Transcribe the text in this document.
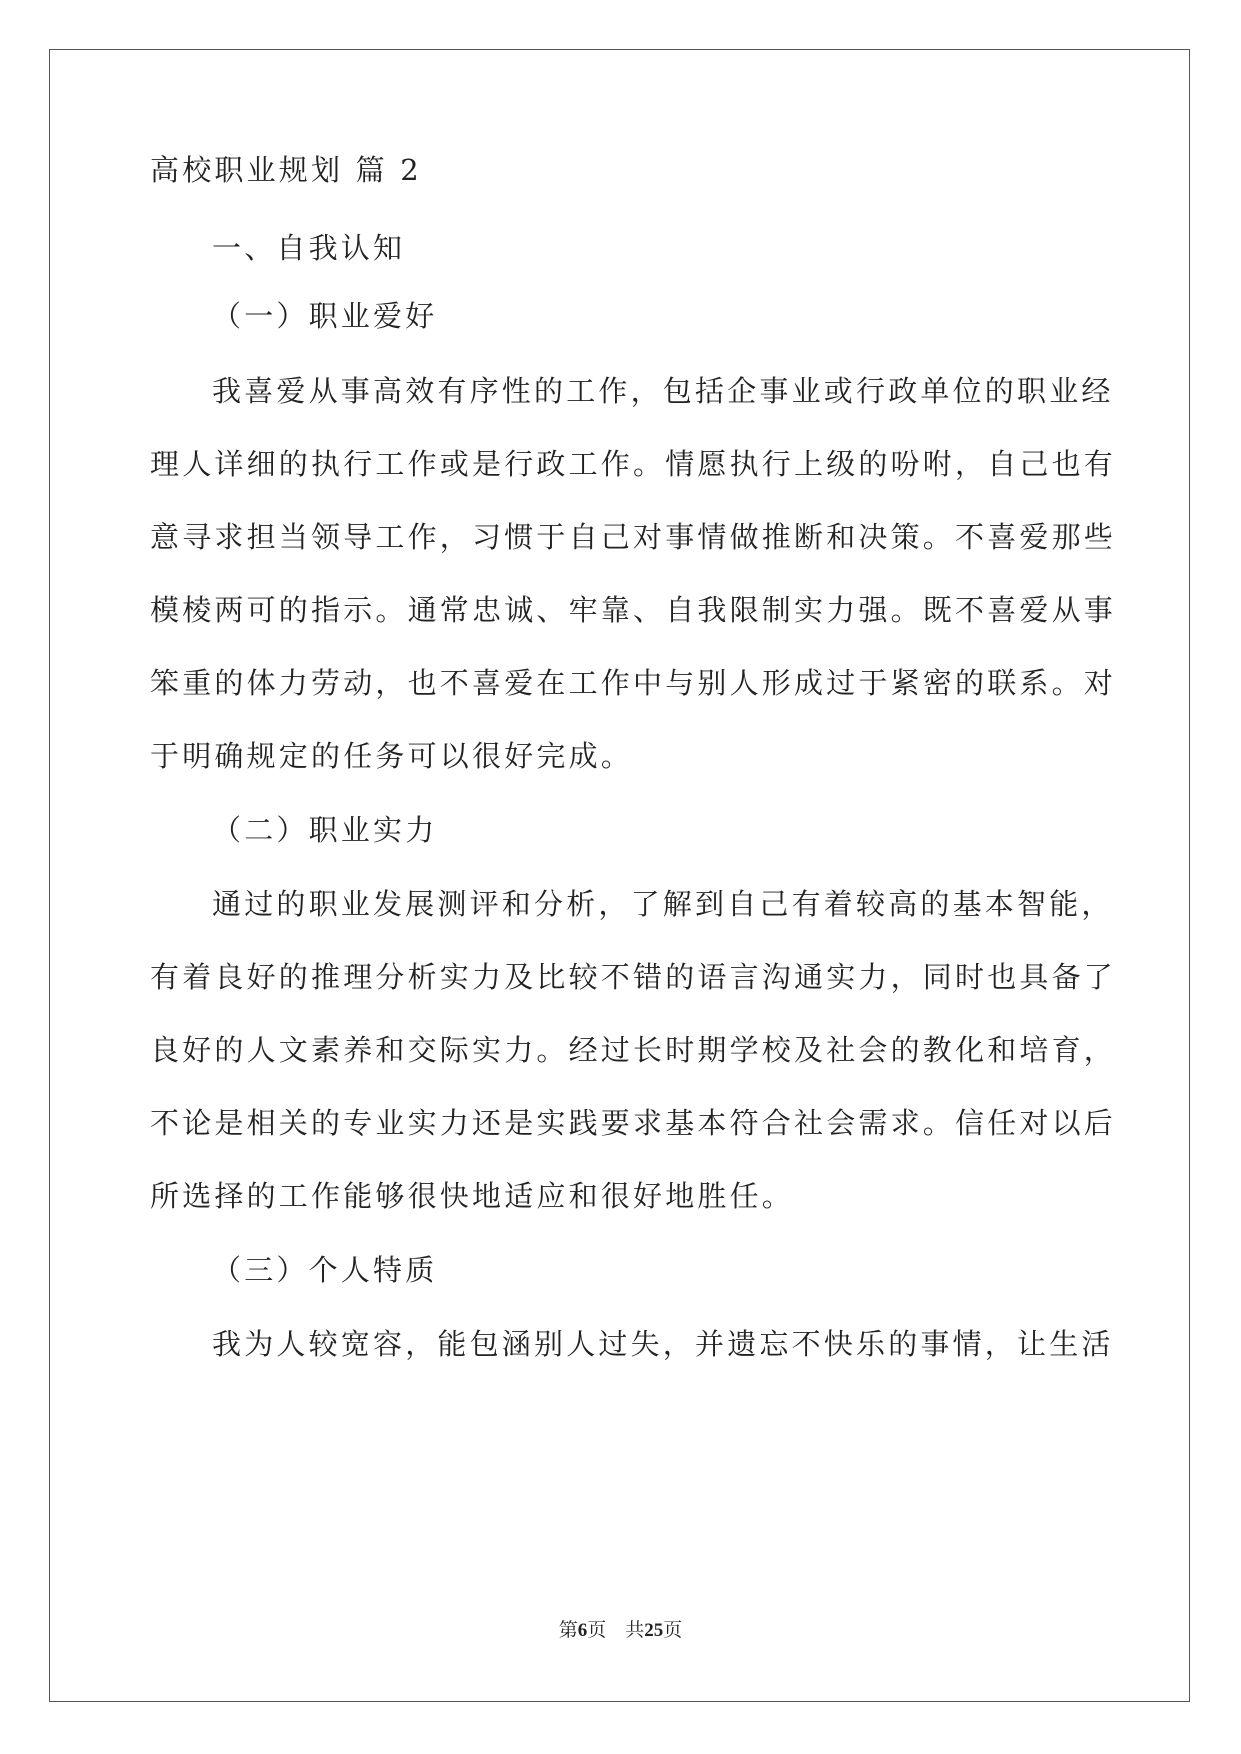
高校职业规划 篇 2
一、自我认知
（一）职业爱好
我喜爱从事高效有序性的工作，包括企事业或行政单位的职业经
理人详细的执行工作或是行政工作。情愿执行上级的吩咐，自己也有
意寻求担当领导工作，习惯于自己对事情做推断和决策。不喜爱那些
模棱两可的指示。通常忠诚、牢靠、自我限制实力强。既不喜爱从事
笨重的体力劳动，也不喜爱在工作中与别人形成过于紧密的联系。对
于明确规定的任务可以很好完成。
（二）职业实力
通过的职业发展测评和分析，了解到自己有着较高的基本智能，
有着良好的推理分析实力及比较不错的语言沟通实力，同时也具备了
良好的人文素养和交际实力。经过长时期学校及社会的教化和培育，
不论是相关的专业实力还是实践要求基本符合社会需求。信任对以后
所选择的工作能够很快地适应和很好地胜任。
（三）个人特质
我为人较宽容，能包涵别人过失，并遗忘不快乐的事情，让生活
第6页　共25页
